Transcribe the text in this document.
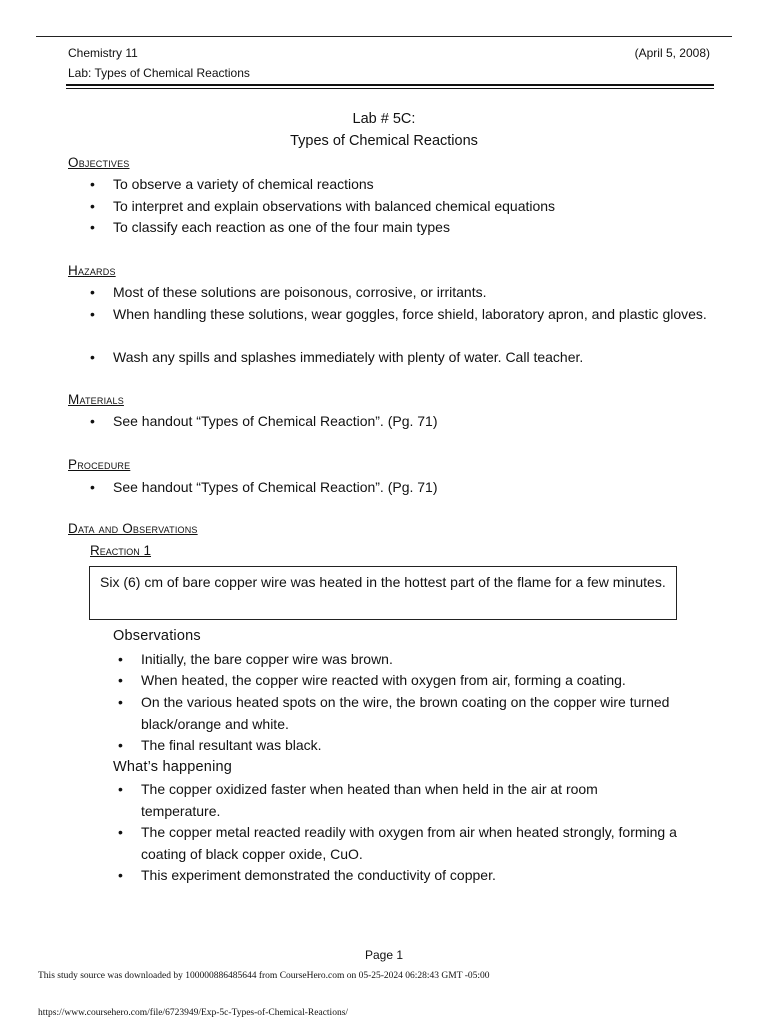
Chemistry 11
Lab: Types of Chemical Reactions
(April 5, 2008)
Lab # 5C:
Types of Chemical Reactions
Objectives
• To observe a variety of chemical reactions
• To interpret and explain observations with balanced chemical equations
• To classify each reaction as one of the four main types
Hazards
• Most of these solutions are poisonous, corrosive, or irritants.
• When handling these solutions, wear goggles, force shield, laboratory apron, and plastic gloves.
• Wash any spills and splashes immediately with plenty of water. Call teacher.
Materials
• See handout “Types of Chemical Reaction”. (Pg. 71)
Procedure
• See handout “Types of Chemical Reaction”. (Pg. 71)
Data and Observations
Reaction 1
Six (6) cm of bare copper wire was heated in the hottest part of the flame for a few minutes.
Observations
• Initially, the bare copper wire was brown.
• When heated, the copper wire reacted with oxygen from air, forming a coating.
• On the various heated spots on the wire, the brown coating on the copper wire turned black/orange and white.
• The final resultant was black.
What’s happening
• The copper oxidized faster when heated than when held in the air at room temperature.
• The copper metal reacted readily with oxygen from air when heated strongly, forming a coating of black copper oxide, CuO.
• This experiment demonstrated the conductivity of copper.
Page 1
This study source was downloaded by 100000886485644 from CourseHero.com on 05-25-2024 06:28:43 GMT -05:00
https://www.coursehero.com/file/6723949/Exp-5c-Types-of-Chemical-Reactions/
